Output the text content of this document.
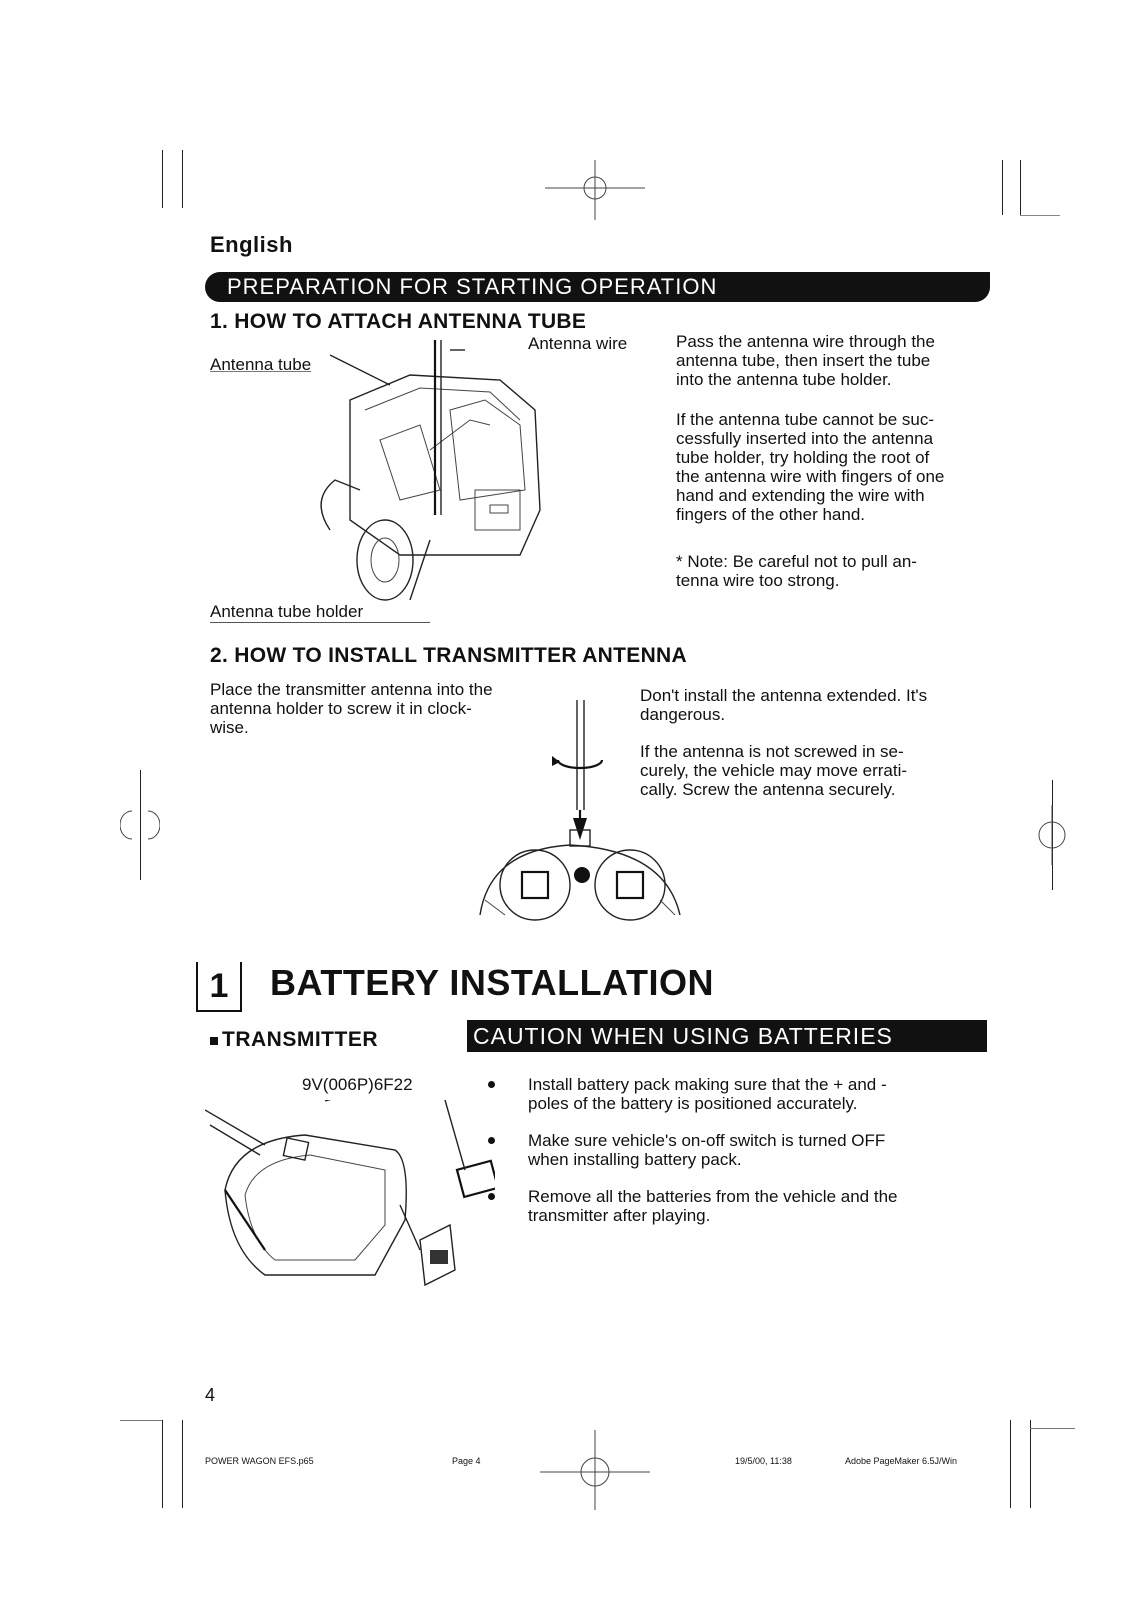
English
PREPARATION FOR STARTING OPERATION
1. HOW TO ATTACH ANTENNA TUBE
Antenna tube
Antenna wire
Antenna tube holder
Pass the antenna wire through the
antenna tube, then insert the tube
into the antenna tube holder.
If the antenna tube cannot be suc-
cessfully inserted into the antenna
tube holder, try holding the root of
the antenna wire with fingers of one
hand and extending the wire with
fingers of the other hand.
* Note: Be careful not to pull an-
tenna wire too strong.
2. HOW TO INSTALL TRANSMITTER ANTENNA
Place the transmitter antenna into the
antenna holder to screw it in clock-
wise.
Don't install the antenna extended. It's
dangerous.
If the antenna is not screwed in se-
curely, the vehicle may move errati-
cally. Screw the antenna securely.
1 BATTERY INSTALLATION
TRANSMITTER	CAUTION WHEN USING BATTERIES
9V(006P)6F22	Install battery pack making sure that the + and -
poles of the battery is positioned accurately.
Make sure vehicle's on-off switch is turned OFF
when installing battery pack.
Remove all the batteries from the vehicle and the
transmitter after playing.
4
POWER WAGON EFS.p65	Page 4	19/5/00, 11:38	Adobe PageMaker 6.5J/Win
